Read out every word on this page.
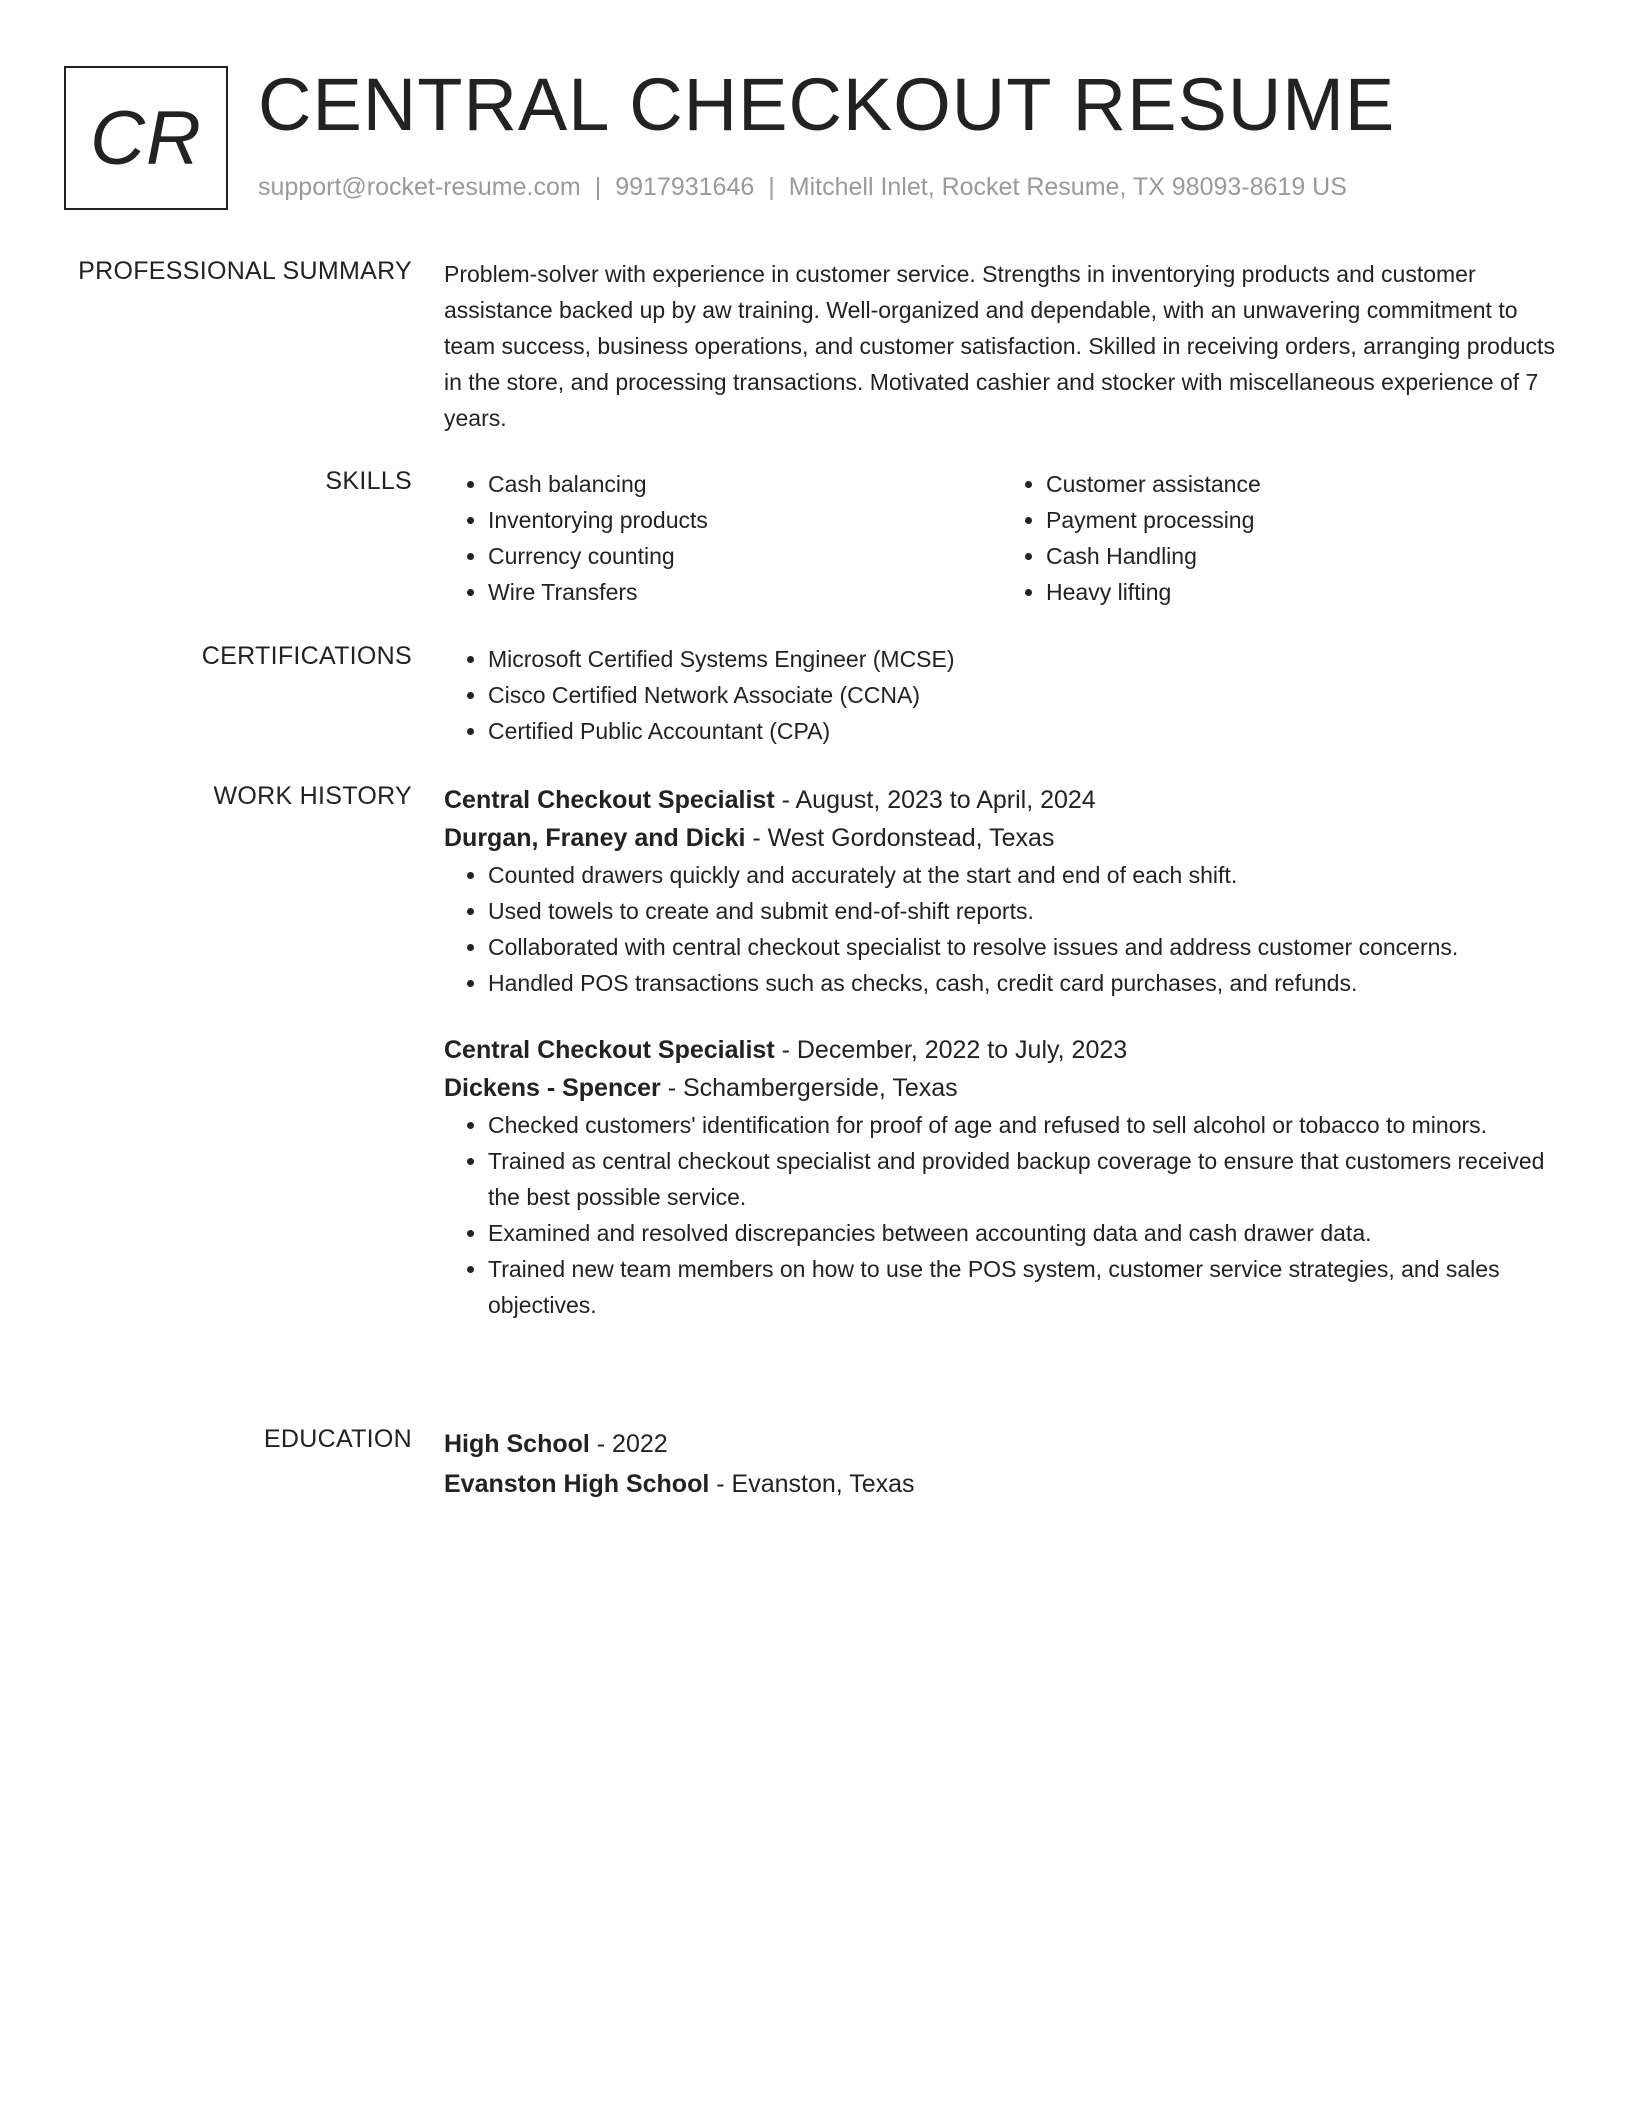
CR CENTRAL CHECKOUT RESUME
support@rocket-resume.com | 9917931646 | Mitchell Inlet, Rocket Resume, TX 98093-8619 US
PROFESSIONAL SUMMARY Problem-solver with experience in customer service. Strengths in inventorying products and customer assistance backed up by aw training. Well-organized and dependable, with an unwavering commitment to team success, business operations, and customer satisfaction. Skilled in receiving orders, arranging products in the store, and processing transactions. Motivated cashier and stocker with miscellaneous experience of 7 years.

SKILLS	• Cash balancing
• Inventorying products
• Currency counting
• Wire Transfers
• Customer assistance
• Payment processing
• Cash Handling
• Heavy lifting
CERTIFICATIONS	• Microsoft Certified Systems Engineer (MCSE)
• Cisco Certified Network Associate (CCNA)
• Certified Public Accountant (CPA)
WORK HISTORY Central Checkout Specialist - August, 2023 to April, 2024
Durgan, Franey and Dicki - West Gordonstead, Texas
• Counted drawers quickly and accurately at the start and end of each shift.
• Used towels to create and submit end-of-shift reports.
• Collaborated with central checkout specialist to resolve issues and address customer concerns.
• Handled POS transactions such as checks, cash, credit card purchases, and refunds.
Central Checkout Specialist - December, 2022 to July, 2023
Dickens - Spencer - Schambergerside, Texas
• Checked customers' identification for proof of age and refused to sell alcohol or tobacco to minors.
• Trained as central checkout specialist and provided backup coverage to ensure that customers received the best possible service.
• Examined and resolved discrepancies between accounting data and cash drawer data.
• Trained new team members on how to use the POS system, customer service strategies, and sales objectives.
EDUCATION High School - 2022
Evanston High School - Evanston, Texas
